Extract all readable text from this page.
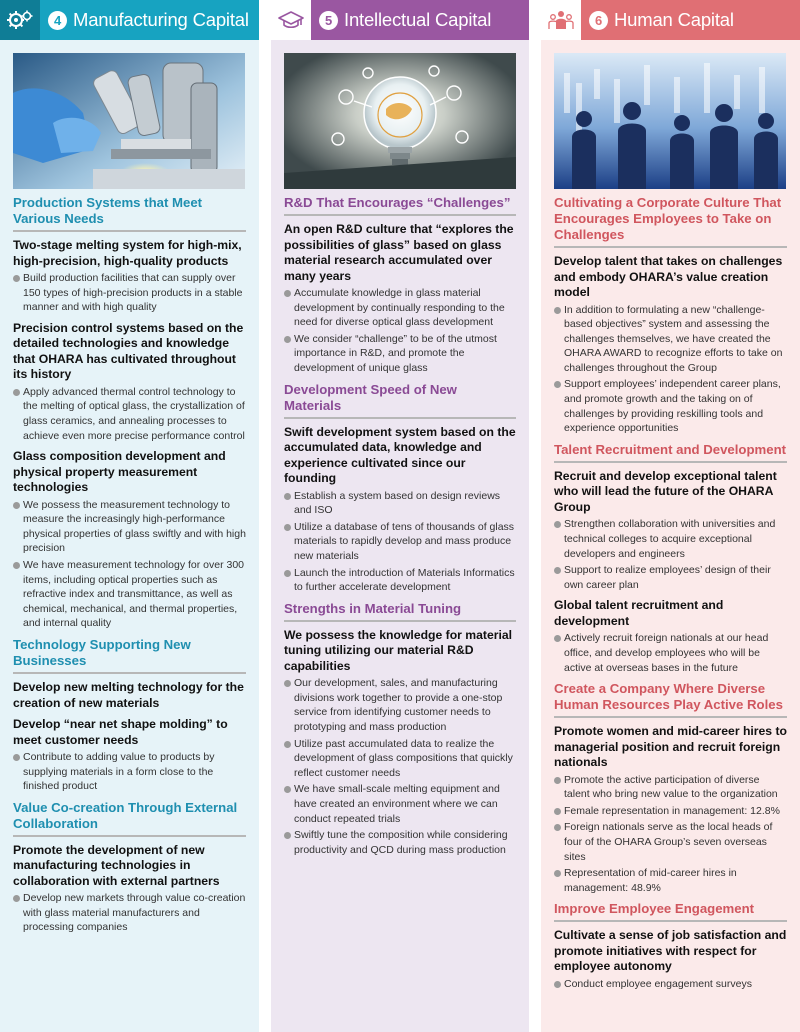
4 Manufacturing Capital
Production Systems that Meet Various Needs
Two-stage melting system for high-mix, high-precision, high-quality products
Build production facilities that can supply over 150 types of high-precision products in a stable manner and with high quality
Precision control systems based on the detailed technologies and knowledge that OHARA has cultivated throughout its history
Apply advanced thermal control technology to the melting of optical glass, the crystallization of glass ceramics, and annealing processes to achieve even more precise performance control
Glass composition development and physical property measurement technologies
We possess the measurement technology to measure the increasingly high-performance physical properties of glass swiftly and with high precision
We have measurement technology for over 300 items, including optical properties such as refractive index and transmittance, as well as chemical, mechanical, and thermal properties, and internal quality
Technology Supporting New Businesses
Develop new melting technology for the creation of new materials
Develop “near net shape molding” to meet customer needs
Contribute to adding value to products by supplying materials in a form close to the finished product
Value Co-creation Through External Collaboration
Promote the development of new manufacturing technologies in collaboration with external partners
Develop new markets through value co-creation with glass material manufacturers and processing companies
5 Intellectual Capital
R&D That Encourages “Challenges”
An open R&D culture that “explores the possibilities of glass” based on glass material research accumulated over many years
Accumulate knowledge in glass material development by continually responding to the need for diverse optical glass development
We consider “challenge” to be of the utmost importance in R&D, and promote the development of unique glass
Development Speed of New Materials
Swift development system based on the accumulated data, knowledge and experience cultivated since our founding
Establish a system based on design reviews and ISO
Utilize a database of tens of thousands of glass materials to rapidly develop and mass produce new materials
Launch the introduction of Materials Informatics to further accelerate development
Strengths in Material Tuning
We possess the knowledge for material tuning utilizing our material R&D capabilities
Our development, sales, and manufacturing divisions work together to provide a one-stop service from identifying customer needs to prototyping and mass production
Utilize past accumulated data to realize the development of glass compositions that quickly reflect customer needs
We have small-scale melting equipment and have created an environment where we can conduct repeated trials
Swiftly tune the composition while considering productivity and QCD during mass production
6 Human Capital
Cultivating a Corporate Culture That Encourages Employees to Take on Challenges
Develop talent that takes on challenges and embody OHARA’s value creation model
In addition to formulating a new “challenge-based objectives” system and assessing the challenges themselves, we have created the OHARA AWARD to recognize efforts to take on challenges throughout the Group
Support employees’ independent career plans, and promote growth and the taking on of challenges by providing reskilling tools and experience opportunities
Talent Recruitment and Development
Recruit and develop exceptional talent who will lead the future of the OHARA Group
Strengthen collaboration with universities and technical colleges to acquire exceptional developers and engineers
Support to realize employees’ design of their own career plan
Global talent recruitment and development
Actively recruit foreign nationals at our head office, and develop employees who will be active at overseas bases in the future
Create a Company Where Diverse Human Resources Play Active Roles
Promote women and mid-career hires to managerial position and recruit foreign nationals
Promote the active participation of diverse talent who bring new value to the organization
Female representation in management: 12.8%
Foreign nationals serve as the local heads of four of the OHARA Group’s seven overseas sites
Representation of mid-career hires in management: 48.9%
Improve Employee Engagement
Cultivate a sense of job satisfaction and promote initiatives with respect for employee autonomy
Conduct employee engagement surveys
